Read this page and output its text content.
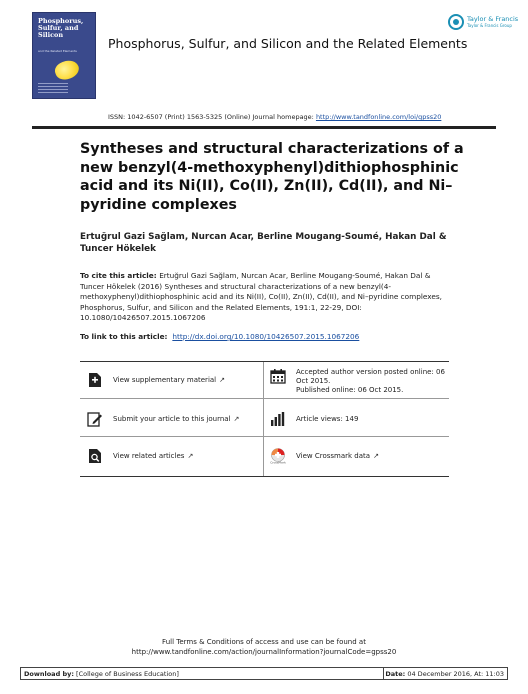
Phosphorus, Sulfur, and Silicon
and the Related Elements	Phosphorus, Sulfur, and Silicon and the Related Elements
Taylor & Francis
Taylor & Francis Group
ISSN: 1042-6507 (Print) 1563-5325 (Online) Journal homepage: http://www.tandfonline.com/loi/gpss20
Syntheses and structural characterizations of a new benzyl(4-methoxyphenyl)dithiophosphinic acid and its Ni(II), Co(II), Zn(II), Cd(II), and Ni–pyridine complexes
Ertuğrul Gazi Sağlam, Nurcan Acar, Berline Mougang-Soumé, Hakan Dal & Tuncer Hökelek
To cite this article: Ertuğrul Gazi Sağlam, Nurcan Acar, Berline Mougang-Soumé, Hakan Dal & Tuncer Hökelek (2016) Syntheses and structural characterizations of a new benzyl(4-methoxyphenyl)dithiophosphinic acid and its Ni(II), Co(II), Zn(II), Cd(II), and Ni–pyridine complexes, Phosphorus, Sulfur, and Silicon and the Related Elements, 191:1, 22-29, DOI: 10.1080/10426507.2015.1067206
To link to this article:  http://dx.doi.org/10.1080/10426507.2015.1067206
View supplementary material ↗
Submit your article to this journal ↗
View related articles ↗
Accepted author version posted online: 06
Oct 2015.
Published online: 06 Oct 2015.
Article views: 149
CrossMark
View Crossmark data ↗
Full Terms & Conditions of access and use can be found at
http://www.tandfonline.com/action/journalInformation?journalCode=gpss20
Download by: [College of Business Education]	Date: 04 December 2016, At: 11:03
